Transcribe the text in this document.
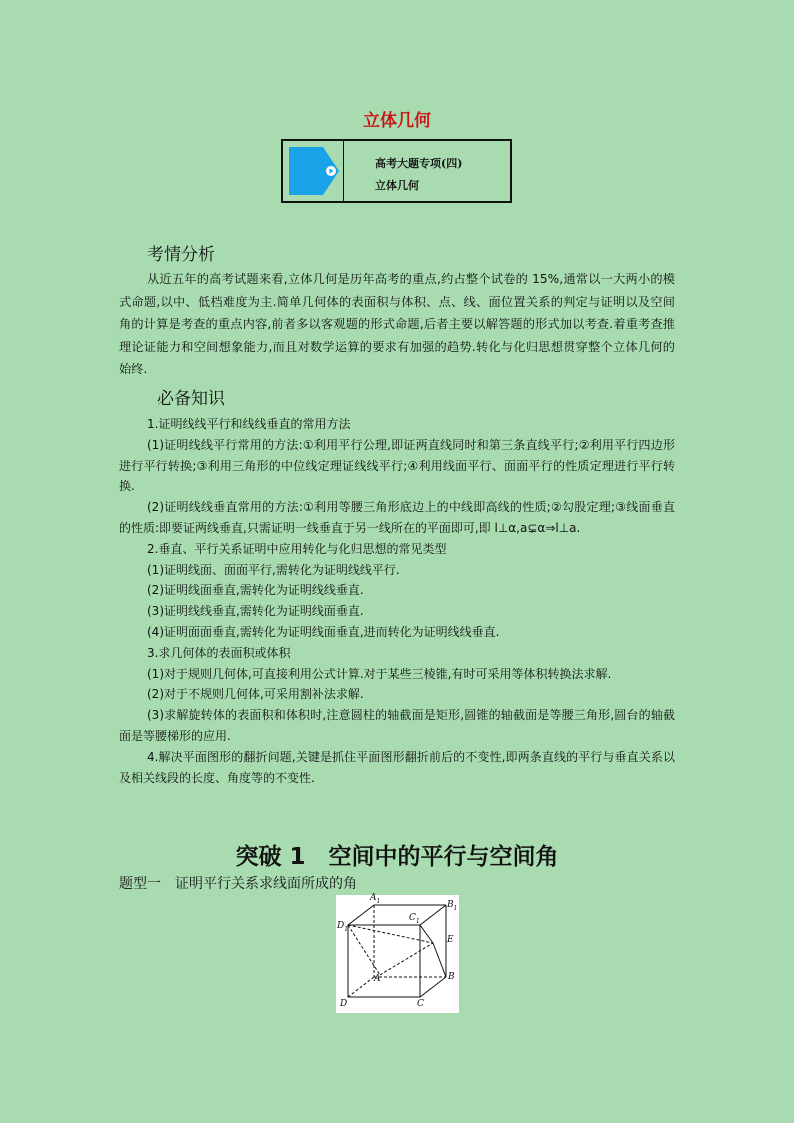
立体几何
高考大题专项(四)
立体几何
考情分析
从近五年的高考试题来看,立体几何是历年高考的重点,约占整个试卷的 15%,通常以一大两小的模式命题,以中、低档难度为主.简单几何体的表面积与体积、点、线、面位置关系的判定与证明以及空间角的计算是考查的重点内容,前者多以客观题的形式命题,后者主要以解答题的形式加以考查.着重考查推理论证能力和空间想象能力,而且对数学运算的要求有加强的趋势.转化与化归思想贯穿整个立体几何的始终.
必备知识

1.证明线线平行和线线垂直的常用方法

(1)证明线线平行常用的方法:①利用平行公理,即证两直线同时和第三条直线平行;②利用平行四边形进行平行转换;③利用三角形的中位线定理证线线平行;④利用线面平行、面面平行的性质定理进行平行转换.

(2)证明线线垂直常用的方法:①利用等腰三角形底边上的中线即高线的性质;②勾股定理;③线面垂直的性质:即要证两线垂直,只需证明一线垂直于另一线所在的平面即可,即 l⊥α,a⊊α⇒l⊥a.

2.垂直、平行关系证明中应用转化与化归思想的常见类型

(1)证明线面、面面平行,需转化为证明线线平行.

(2)证明线面垂直,需转化为证明线线垂直.

(3)证明线线垂直,需转化为证明线面垂直.

(4)证明面面垂直,需转化为证明线面垂直,进而转化为证明线线垂直.

3.求几何体的表面积或体积

(1)对于规则几何体,可直接利用公式计算.对于某些三棱锥,有时可采用等体积转换法求解.

(2)对于不规则几何体,可采用割补法求解.

(3)求解旋转体的表面积和体积时,注意圆柱的轴截面是矩形,圆锥的轴截面是等腰三角形,圆台的轴截面是等腰梯形的应用.

4.解决平面图形的翻折问题,关键是抓住平面图形翻折前后的不变性,即两条直线的平行与垂直关系以及相关线段的长度、角度等的不变性.

突破 1　空间中的平行与空间角
题型一　证明平行关系求线面所成的角
$A_1$	$B_1$
$C_1$
$D_1$
E
A	B
C
D
